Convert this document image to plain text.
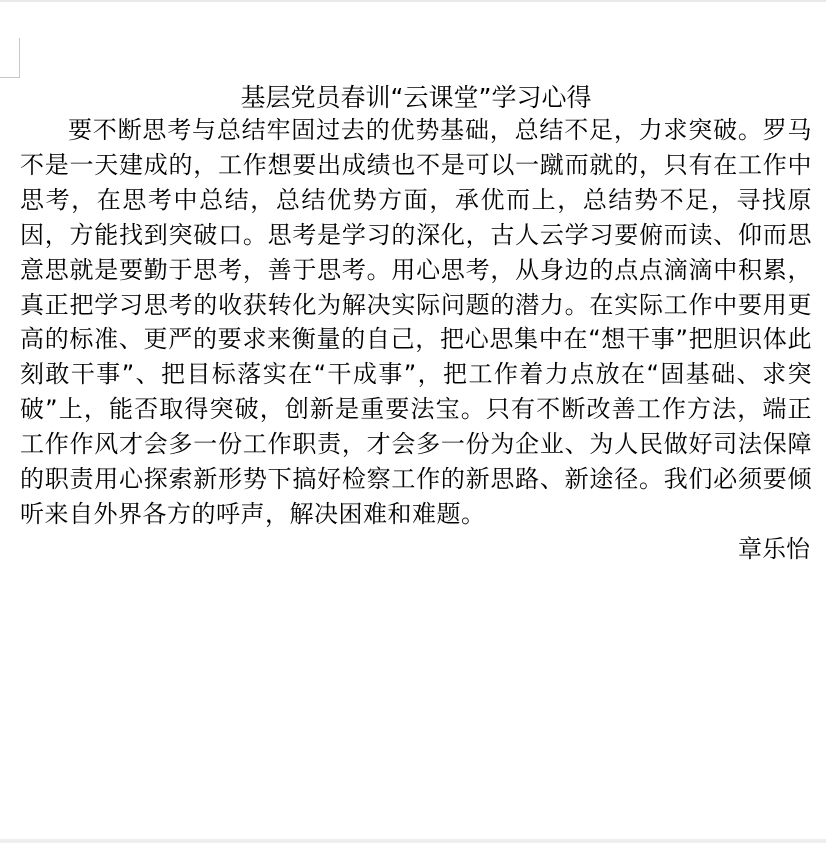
基层党员春训“云课堂”学习心得

要不断思考与总结牢固过去的优势基础，总结不足，力求突破。罗马不是一天建成的，工作想要出成绩也不是可以一蹴而就的，只有在工作中思考，在思考中总结，总结优势方面，承优而上，总结势不足，寻找原因，方能找到突破口。思考是学习的深化，古人云学习要俯而读、仰而思意思就是要勤于思考，善于思考。用心思考，从身边的点点滴滴中积累，真正把学习思考的收获转化为解决实际问题的潜力。在实际工作中要用更高的标准、更严的要求来衡量的自己，把心思集中在“想干事”把胆识体此刻敢干事”、把目标落实在“干成事”，把工作着力点放在“固基础、求突破”上，能否取得突破，创新是重要法宝。只有不断改善工作方法，端正工作作风才会多一份工作职责，才会多一份为企业、为人民做好司法保障的职责用心探索新形势下搞好检察工作的新思路、新途径。我们必须要倾听来自外界各方的呼声，解决困难和难题。

章乐怡
